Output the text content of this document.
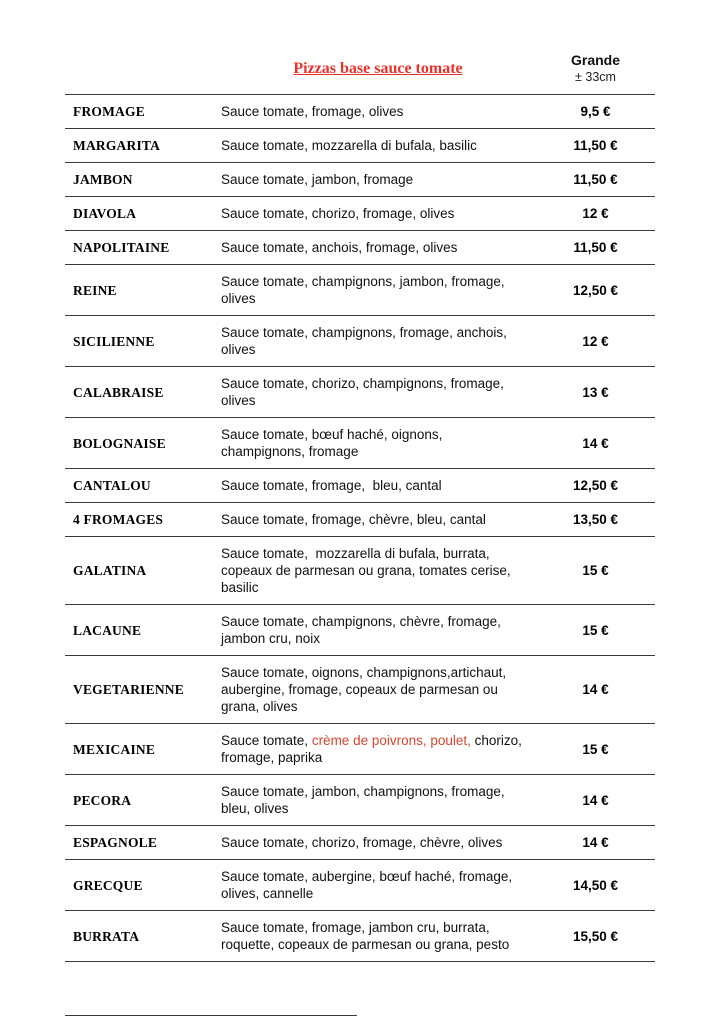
	Pizzas base sauce tomate	Grande
± 33cm

FROMAGE	Sauce tomate, fromage, olives	9,5 €
MARGARITA	Sauce tomate, mozzarella di bufala, basilic	11,50 €
JAMBON	Sauce tomate, jambon, fromage	11,50 €
DIAVOLA	Sauce tomate, chorizo, fromage, olives	12 €
NAPOLITAINE	Sauce tomate, anchois, fromage, olives	11,50 €
REINE	Sauce tomate, champignons, jambon, fromage, olives	12,50 €
SICILIENNE	Sauce tomate, champignons, fromage, anchois, olives	12 €
CALABRAISE	Sauce tomate, chorizo, champignons, fromage, olives	13 €
BOLOGNAISE	Sauce tomate, bœuf haché, oignons, champignons, fromage	14 €
CANTALOU	Sauce tomate, fromage,  bleu, cantal	12,50 €
4 FROMAGES	Sauce tomate, fromage, chèvre, bleu, cantal	13,50 €
GALATINA	Sauce tomate,  mozzarella di bufala, burrata, copeaux de parmesan ou grana, tomates cerise, basilic	15 €
LACAUNE	Sauce tomate, champignons, chèvre, fromage, jambon cru, noix	15 €
VEGETARIENNE	Sauce tomate, oignons, champignons,artichaut, aubergine, fromage, copeaux de parmesan ou grana, olives	14 €
MEXICAINE	Sauce tomate, crème de poivrons, poulet, chorizo, fromage, paprika	15 €
PECORA	Sauce tomate, jambon, champignons, fromage, bleu, olives	14 €
ESPAGNOLE	Sauce tomate, chorizo, fromage, chèvre, olives	14 €
GRECQUE	Sauce tomate, aubergine, bœuf haché, fromage, olives, cannelle	14,50 €
BURRATA	Sauce tomate, fromage, jambon cru, burrata, roquette, copeaux de parmesan ou grana, pesto	15,50 €
